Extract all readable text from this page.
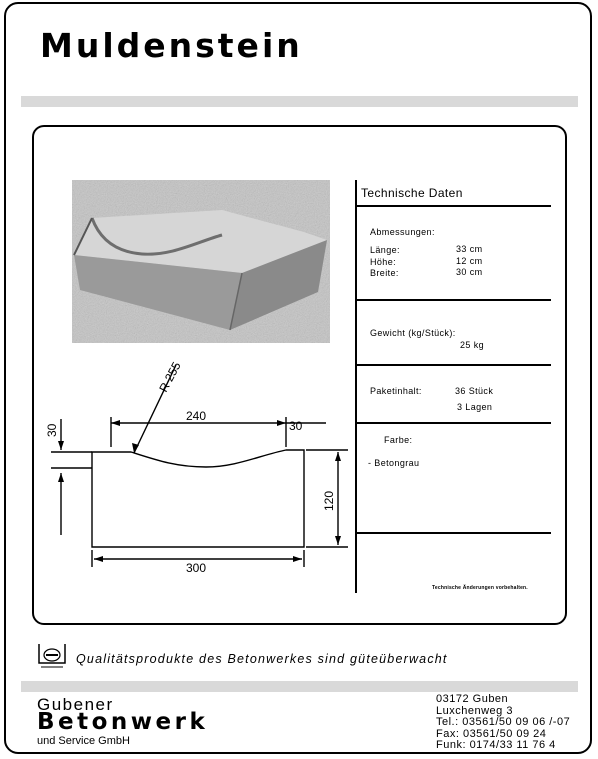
Muldenstein
R 255
240
30
30
120
300
Technische Daten
Abmessungen:
Länge:	33 cm
Höhe:	12 cm
Breite:	30 cm
Gewicht (kg/Stück):
25 kg
Paketinhalt:	36 Stück
3 Lagen
Farbe:
- Betongrau
Technische Änderungen vorbehalten.
Qualitätsprodukte des Betonwerkes sind güteüberwacht
Gubener
Betonwerk
und Service GmbH
03172 Guben
Luxchenweg 3
Tel.: 03561/50 09 06 /-07
Fax: 03561/50 09 24
Funk: 0174/33 11 76 4
